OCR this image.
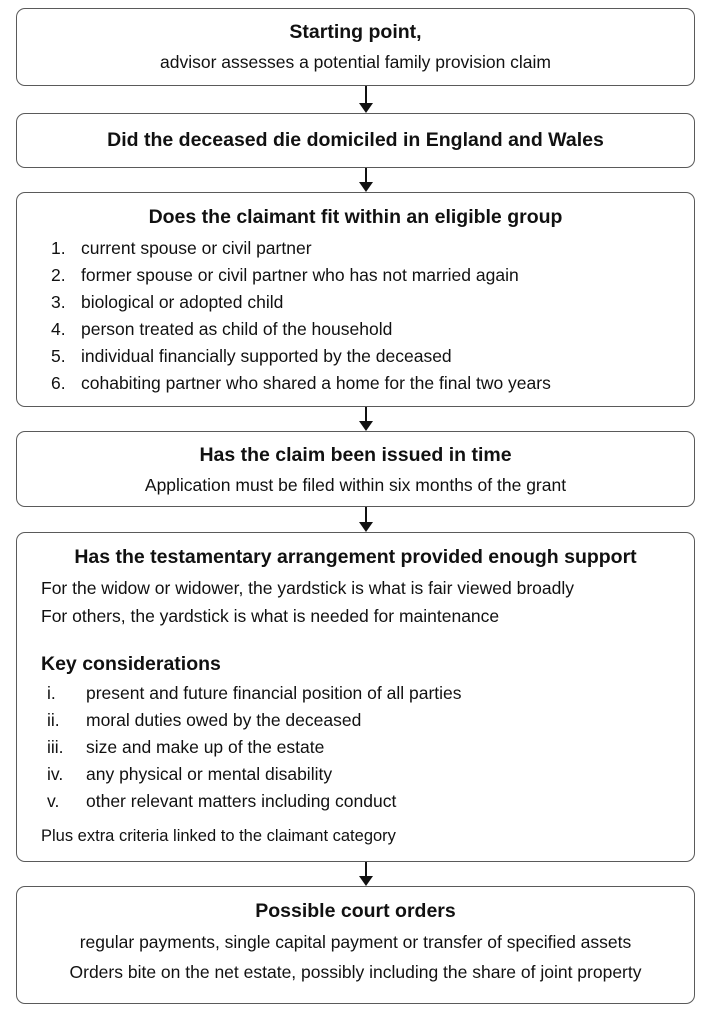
Starting point,
advisor assesses a potential family provision claim
Did the deceased die domiciled in England and Wales
Does the claimant fit within an eligible group
1. current spouse or civil partner
2. former spouse or civil partner who has not married again
3. biological or adopted child
4. person treated as child of the household
5. individual financially supported by the deceased
6. cohabiting partner who shared a home for the final two years
Has the claim been issued in time
Application must be filed within six months of the grant
Has the testamentary arrangement provided enough support
For the widow or widower, the yardstick is what is fair viewed broadly
For others, the yardstick is what is needed for maintenance
Key considerations
i. present and future financial position of all parties
ii. moral duties owed by the deceased
iii. size and make up of the estate
iv. any physical or mental disability
v. other relevant matters including conduct
Plus extra criteria linked to the claimant category
Possible court orders
regular payments, single capital payment or transfer of specified assets
Orders bite on the net estate, possibly including the share of joint property
